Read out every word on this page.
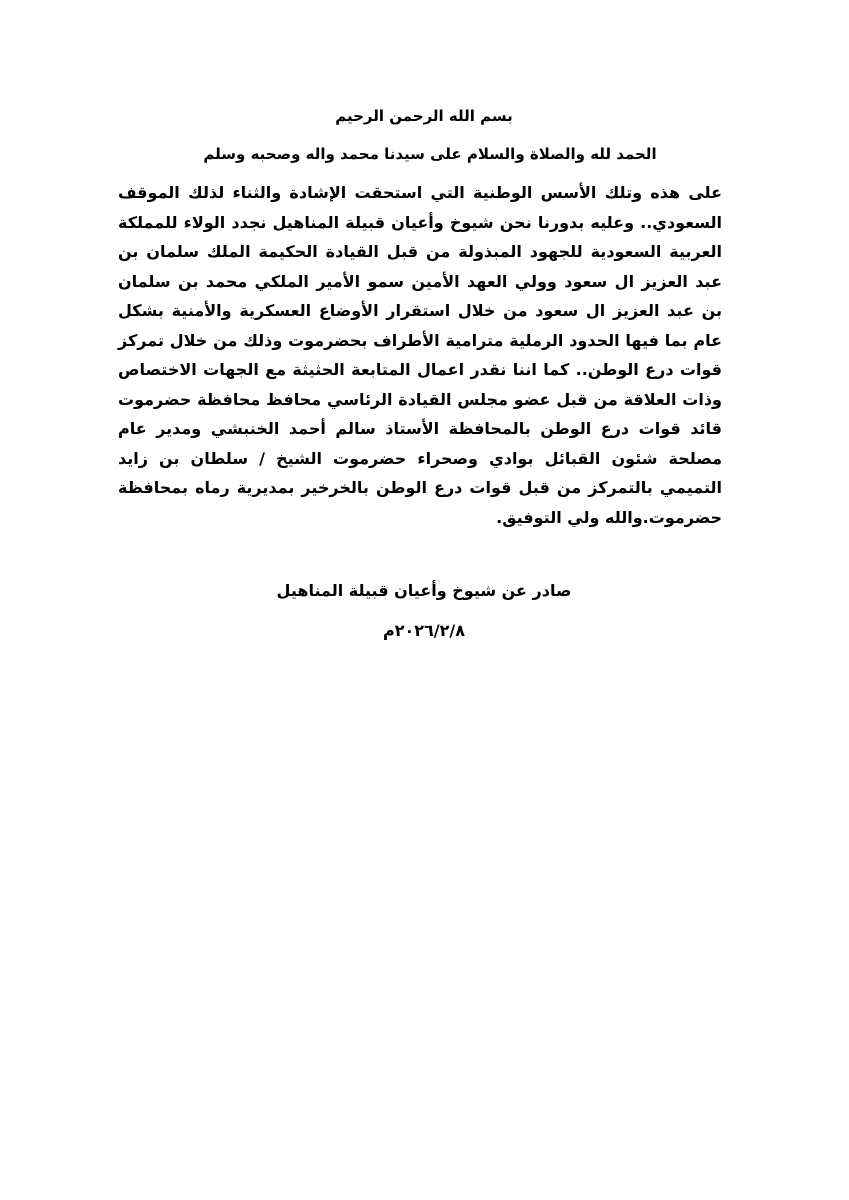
بسم الله الرحمن الرحيم

الحمد لله والصلاة والسلام على سيدنا محمد واله وصحبه وسلم

على هذه وتلك الأسس الوطنية التي استحقت الإشادة والثناء لذلك الموقف السعودي.. وعليه بدورنا نحن شيوخ وأعيان قبيلة المناهيل نجدد الولاء للمملكة العربية السعودية للجهود المبذولة من قبل القيادة الحكيمة الملك سلمان بن عبد العزيز ال سعود وولي العهد الأمين سمو الأمير الملكي محمد بن سلمان بن عبد العزيز ال سعود من خلال استقرار الأوضاع العسكرية والأمنية بشكل عام بما فيها الحدود الرملية مترامية الأطراف بحضرموت وذلك من خلال تمركز قوات درع الوطن.. كما اننا نقدر اعمال المتابعة الحثيثة مع الجهات الاختصاص وذات العلاقة من قبل عضو مجلس القيادة الرئاسي محافظ محافظة حضرموت قائد قوات درع الوطن بالمحافظة الأستاذ سالم أحمد الخنبشي ومدير عام مصلحة شئون القبائل بوادي وصحراء حضرموت الشيخ / سلطان بن زايد التميمي بالتمركز من قبل قوات درع الوطن بالخرخير بمديرية رماه بمحافظة حضرموت.والله ولي التوفيق.

صادر عن شيوخ وأعيان قبيلة المناهيل

٢٠٢٦/٢/٨م
